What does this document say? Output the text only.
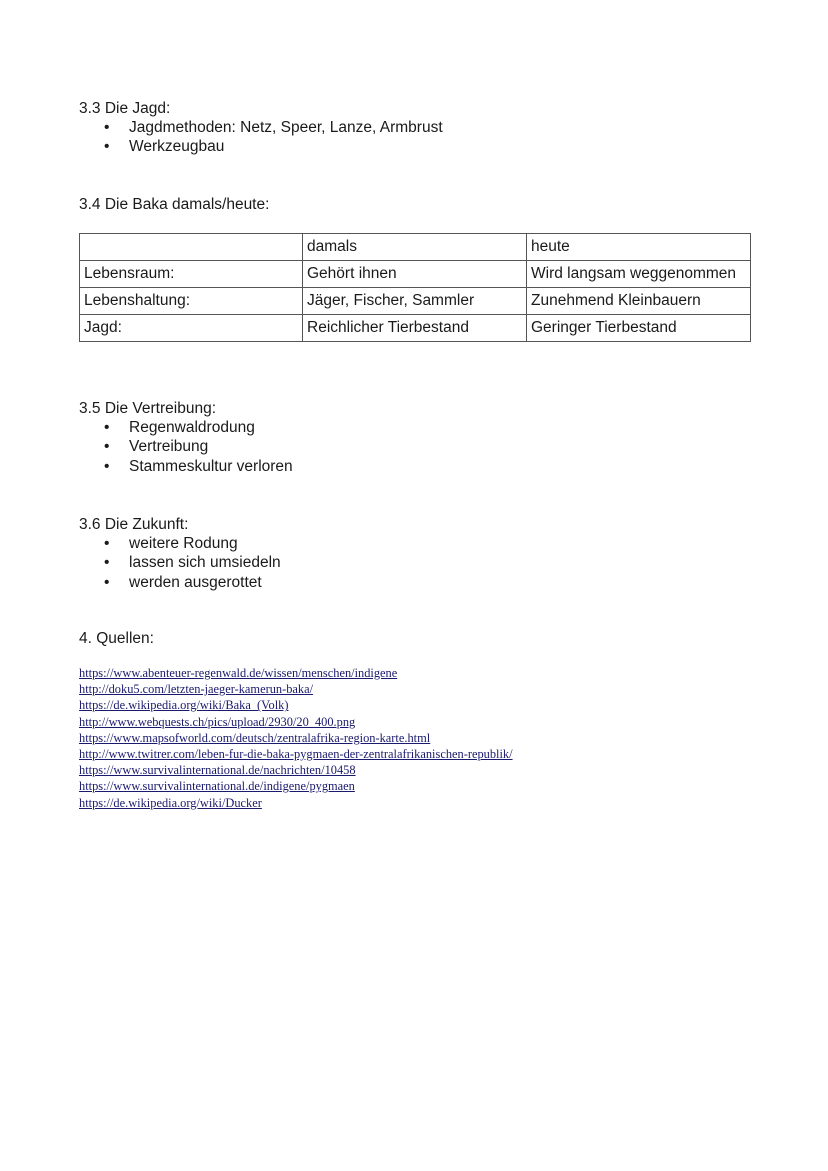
3.3 Die Jagd:

• Jagdmethoden: Netz, Speer, Lanze, Armbrust
• Werkzeugbau

3.4 Die Baka damals/heute:

	damals	heute
Lebensraum:	Gehört ihnen	Wird langsam weggenommen
Lebenshaltung:	Jäger, Fischer, Sammler	Zunehmend Kleinbauern
Jagd:	Reichlicher Tierbestand	Geringer Tierbestand

3.5 Die Vertreibung:

• Regenwaldrodung
• Vertreibung
• Stammeskultur verloren

3.6 Die Zukunft:

• weitere Rodung
• lassen sich umsiedeln
• werden ausgerottet

4. Quellen:

https://www.abenteuer-regenwald.de/wissen/menschen/indigene
http://doku5.com/letzten-jaeger-kamerun-baka/
https://de.wikipedia.org/wiki/Baka_(Volk)
http://www.webquests.ch/pics/upload/2930/20_400.png
https://www.mapsofworld.com/deutsch/zentralafrika-region-karte.html
http://www.twitrer.com/leben-fur-die-baka-pygmaen-der-zentralafrikanischen-republik/
https://www.survivalinternational.de/nachrichten/10458
https://www.survivalinternational.de/indigene/pygmaen
https://de.wikipedia.org/wiki/Ducker
